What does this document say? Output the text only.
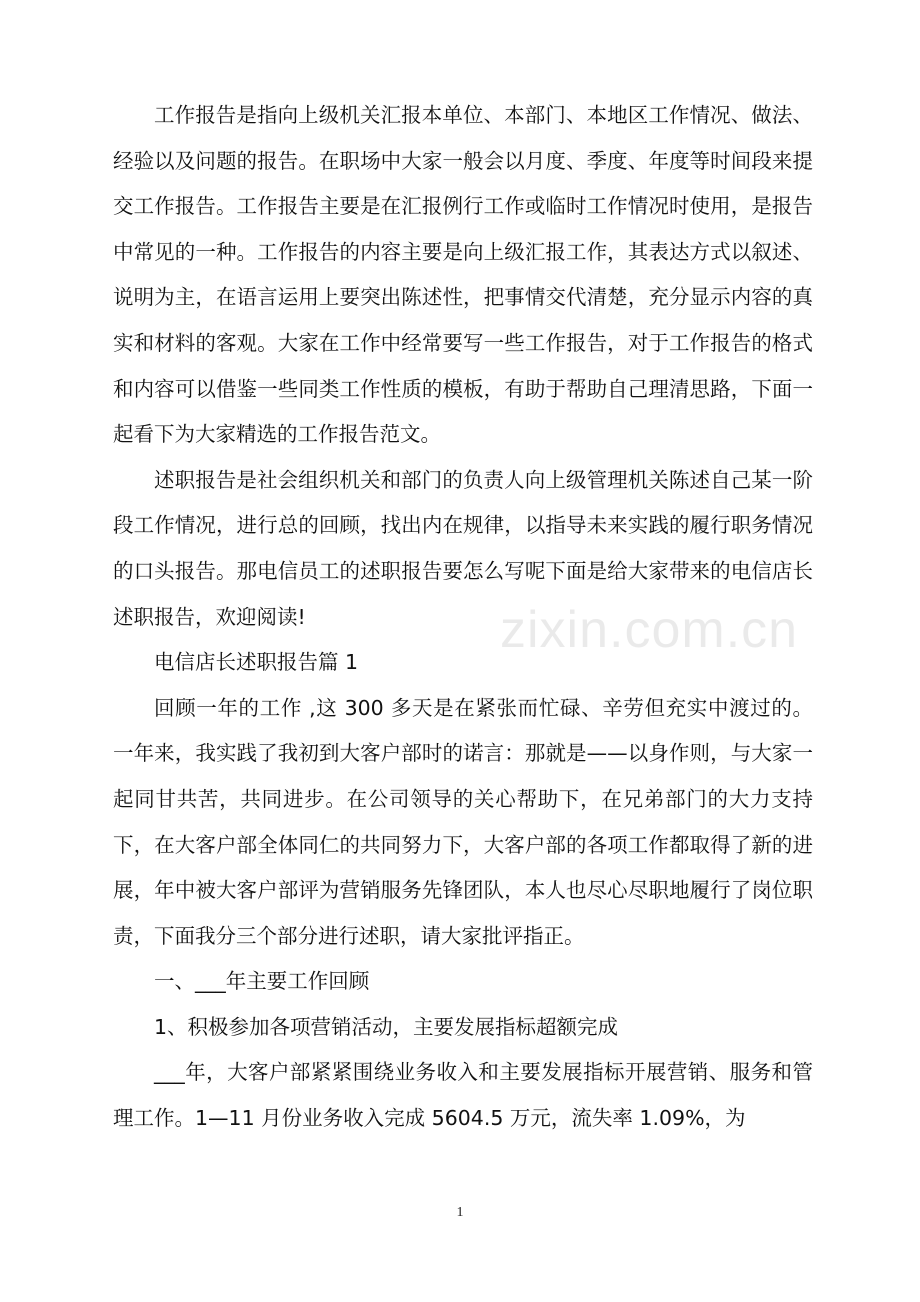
工作报告是指向上级机关汇报本单位、本部门、本地区工作情况、做法、经验以及问题的报告。在职场中大家一般会以月度、季度、年度等时间段来提交工作报告。工作报告主要是在汇报例行工作或临时工作情况时使用，是报告中常见的一种。工作报告的内容主要是向上级汇报工作，其表达方式以叙述、说明为主，在语言运用上要突出陈述性，把事情交代清楚，充分显示内容的真实和材料的客观。大家在工作中经常要写一些工作报告，对于工作报告的格式和内容可以借鉴一些同类工作性质的模板，有助于帮助自己理清思路，下面一起看下为大家精选的工作报告范文。

述职报告是社会组织机关和部门的负责人向上级管理机关陈述自己某一阶段工作情况，进行总的回顾，找出内在规律，以指导未来实践的履行职务情况的口头报告。那电信员工的述职报告要怎么写呢下面是给大家带来的电信店长述职报告，欢迎阅读!

电信店长述职报告篇 1

回顾一年的工作 ,这 300 多天是在紧张而忙碌、辛劳但充实中渡过的。一年来，我实践了我初到大客户部时的诺言：那就是——以身作则，与大家一起同甘共苦，共同进步。在公司领导的关心帮助下，在兄弟部门的大力支持下，在大客户部全体同仁的共同努力下，大客户部的各项工作都取得了新的进展，年中被大客户部评为营销服务先锋团队，本人也尽心尽职地履行了岗位职责，下面我分三个部分进行述职，请大家批评指正。

一、___年主要工作回顾

1、积极参加各项营销活动，主要发展指标超额完成

___年，大客户部紧紧围绕业务收入和主要发展指标开展营销、服务和管理工作。1—11 月份业务收入完成 5604.5 万元，流失率 1.09%，为

zixin.com.cn
1
